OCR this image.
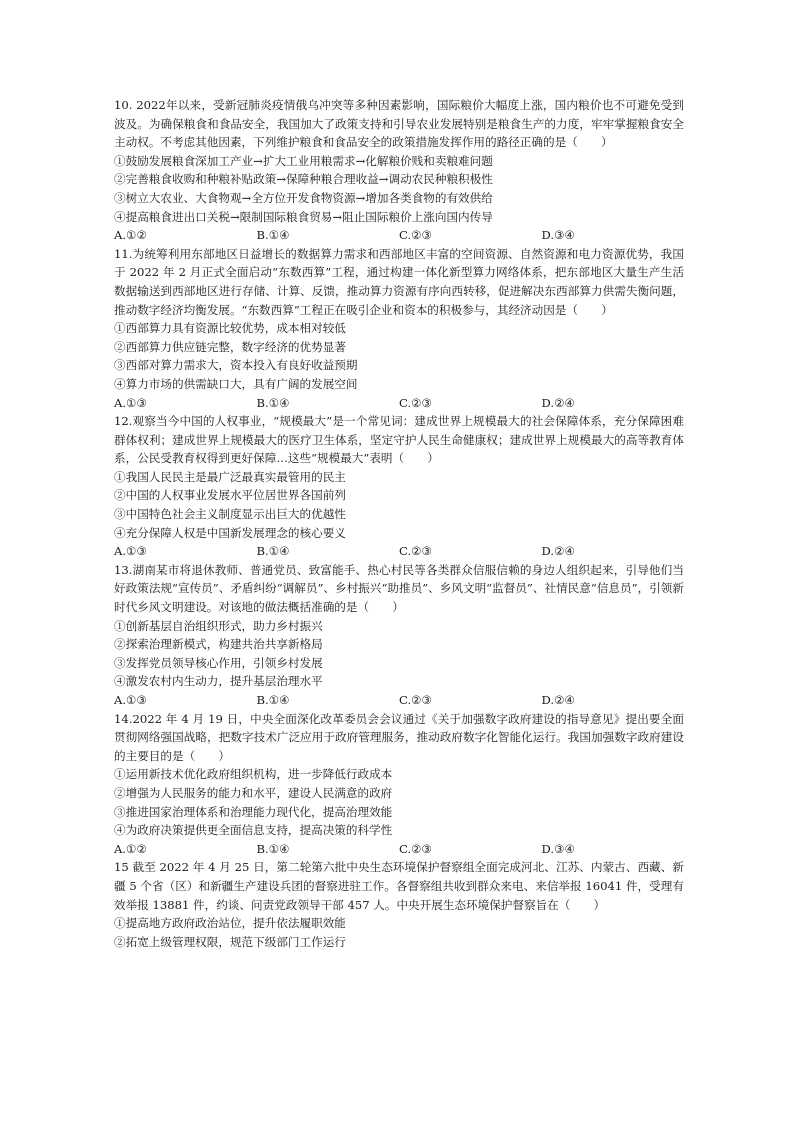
10. 2022年以来，受新冠肺炎疫情俄乌冲突等多种因素影响，国际粮价大幅度上涨，国内粮价也不可避免受到波及。为确保粮食和食品安全，我国加大了政策支持和引导农业发展特别是粮食生产的力度，牢牢掌握粮食安全主动权。不考虑其他因素，下列维护粮食和食品安全的政策措施发挥作用的路径正确的是（　　）

①鼓励发展粮食深加工产业→扩大工业用粮需求→化解粮价贱和卖粮难问题

②完善粮食收购和种粮补贴政策→保障种粮合理收益→调动农民种粮积极性

③树立大农业、大食物观→全方位开发食物资源→增加各类食物的有效供给

④提高粮食进出口关税→限制国际粮食贸易→阻止国际粮价上涨向国内传导

A.①②	B.①④	C.②③	D.③④

11.为统筹利用东部地区日益增长的数据算力需求和西部地区丰富的空间资源、自然资源和电力资源优势，我国于 2022 年 2 月正式全面启动“东数西算”工程，通过构建一体化新型算力网络体系，把东部地区大量生产生活数据输送到西部地区进行存储、计算、反馈，推动算力资源有序向西转移，促进解决东西部算力供需失衡问题，推动数字经济均衡发展。“东数西算”工程正在吸引企业和资本的积极参与，其经济动因是（　　）

①西部算力具有资源比较优势，成本相对较低

②西部算力供应链完整，数字经济的优势显著

③西部对算力需求大，资本投入有良好收益预期

④算力市场的供需缺口大，具有广阔的发展空间

A.①③	B.①④	C.②③	D.②④

12.观察当今中国的人权事业，“规模最大”是一个常见词：建成世界上规模最大的社会保障体系，充分保障困难群体权利；建成世界上规模最大的医疗卫生体系，坚定守护人民生命健康权；建成世界上规模最大的高等教育体系，公民受教育权得到更好保障…这些“规模最大”表明（　　）

①我国人民民主是最广泛最真实最管用的民主

②中国的人权事业发展水平位居世界各国前列

③中国特色社会主义制度显示出巨大的优越性

④充分保障人权是中国新发展理念的核心要义

A.①③	B.①④	C.②③	D.②④

13.湖南某市将退休教师、普通党员、致富能手、热心村民等各类群众信服信赖的身边人组织起来，引导他们当好政策法规“宣传员”、矛盾纠纷“调解员”、乡村振兴“助推员”、乡风文明“监督员”、社情民意“信息员”，引领新时代乡风文明建设。对该地的做法概括准确的是（　　）

①创新基层自治组织形式，助力乡村振兴

②探索治理新模式，构建共治共享新格局

③发挥党员领导核心作用，引领乡村发展

④激发农村内生动力，提升基层治理水平

A.①③	B.①④	C.②③	D.②④

14.2022 年 4 月 19 日，中央全面深化改革委员会会议通过《关于加强数字政府建设的指导意见》提出要全面贯彻网络强国战略，把数字技术广泛应用于政府管理服务，推动政府数字化智能化运行。我国加强数字政府建设的主要目的是（　　）

①运用新技术优化政府组织机构，进一步降低行政成本

②增强为人民服务的能力和水平，建设人民满意的政府

③推进国家治理体系和治理能力现代化，提高治理效能

④为政府决策提供更全面信息支持，提高决策的科学性

A.①②	B.①④	C.②③	D.③④

15 截至 2022 年 4 月 25 日，第二轮第六批中央生态环境保护督察组全面完成河北、江苏、内蒙古、西藏、新疆 5 个省（区）和新疆生产建设兵团的督察进驻工作。各督察组共收到群众来电、来信举报 16041 件，受理有效举报 13881 件，约谈、问责党政领导干部 457 人。中央开展生态环境保护督察旨在（　　）

①提高地方政府政治站位，提升依法履职效能

②拓宽上级管理权限，规范下级部门工作运行
